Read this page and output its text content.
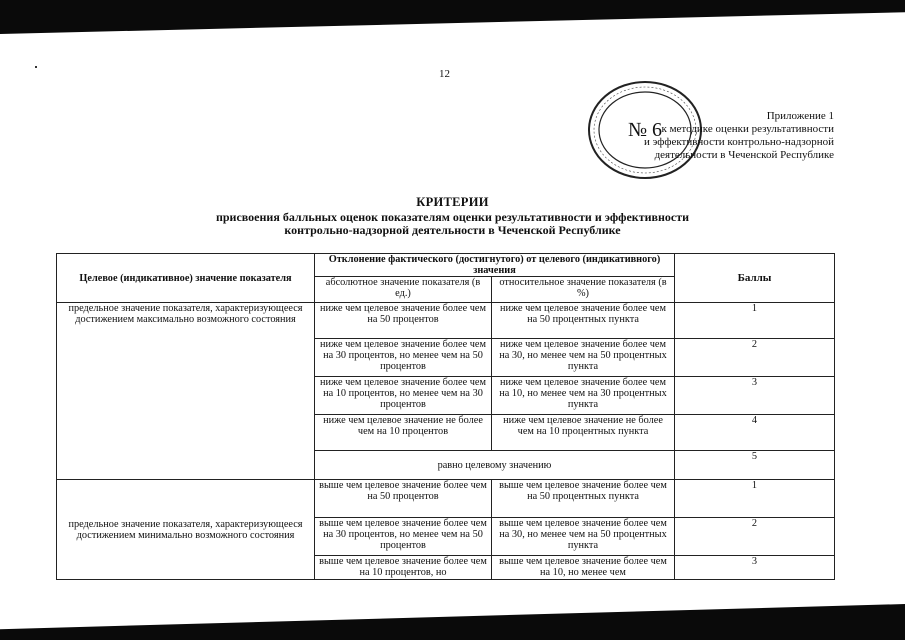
12
№ 6
Приложение 1
к методике оценки результативности
и эффективности контрольно-надзорной
деятельности в Чеченской Республике
КРИТЕРИИ
присвоения балльных оценок показателям оценки результативности и эффективности
контрольно-надзорной деятельности в Чеченской Республике
Целевое (индикативное) значение показателя	Отклонение фактического (достигнутого) от целевого (индикативного) значения		Баллы
	абсолютное значение показателя (в ед.)	относительное значение показателя (в %)	
предельное значение показателя, характеризующееся достижением максимально возможного состояния	ниже чем целевое значение более чем на 50 процентов	ниже чем целевое значение более чем на 50 процентных пункта	1
	ниже чем целевое значение более чем на 30 процентов, но менее чем на 50 процентов	ниже чем целевое значение более чем на 30, но менее чем на 50 процентных пункта	2
	ниже чем целевое значение более чем на 10 процентов, но менее чем на 30 процентов	ниже чем целевое значение более чем на 10, но менее чем на 30 процентных пункта	3
	ниже чем целевое значение не более чем на 10 процентов	ниже чем целевое значение не более чем на 10 процентных пункта	4
	равно целевому значению		5
предельное значение показателя, характеризующееся достижением минимально возможного состояния	выше чем целевое значение более чем на 50 процентов	выше чем целевое значение более чем на 50 процентных пункта	1
	выше чем целевое значение более чем на 30 процентов, но менее чем на 50 процентов	выше чем целевое значение более чем на 30, но менее чем на 50 процентных пункта	2
	выше чем целевое значение более чем на 10 процентов, но	выше чем целевое значение более чем на 10, но менее чем	3
